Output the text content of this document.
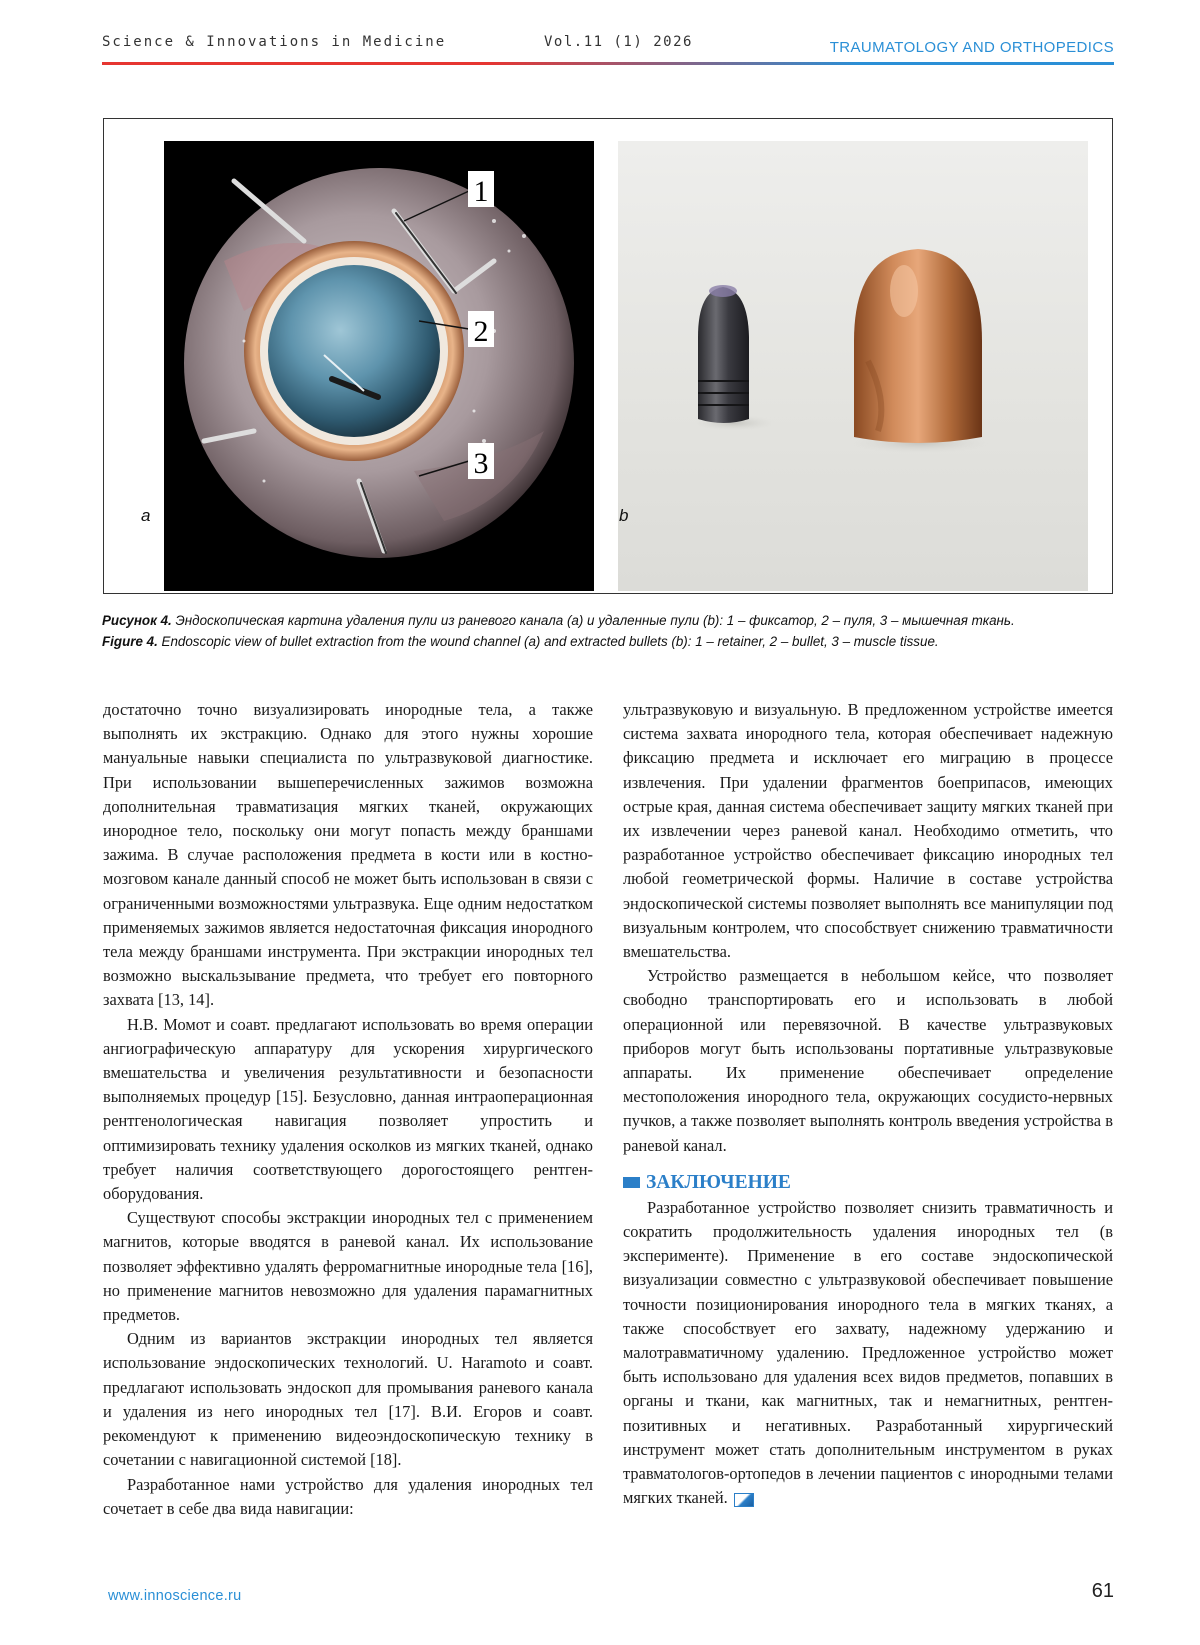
Science & Innovations in Medicine	Vol.11 (1) 2026	TRAUMATOLOGY AND ORTHOPEDICS
1
2
3
a	b

Рисунок 4. Эндоскопическая картина удаления пули из раневого канала (a) и удаленные пули (b): 1 – фиксатор, 2 – пуля, 3 – мышечная ткань.

Figure 4. Endoscopic view of bullet extraction from the wound channel (a) and extracted bullets (b): 1 – retainer, 2 – bullet, 3 – muscle tissue.

достаточно точно визуализировать инородные тела, а также выполнять их экстракцию. Однако для этого нужны хорошие мануальные навыки специалиста по ультразвуковой диагностике. При использовании вышеперечисленных зажимов возможна дополнительная травматизация мягких тканей, окружающих инородное тело, поскольку они могут попасть между браншами зажима. В случае расположения предмета в кости или в костно-мозговом канале данный способ не может быть использован в связи с ограниченными возможностями ультразвука. Еще одним недостатком применяемых зажимов является недостаточная фиксация инородного тела между браншами инструмента. При экстракции инородных тел возможно выскальзывание предмета, что требует его повторного захвата [13, 14].

Н.В. Момот и соавт. предлагают использовать во время операции ангиографическую аппаратуру для ускорения хирургического вмешательства и увеличения результативности и безопасности выполняемых процедур [15]. Безусловно, данная интраоперационная рентгенологическая навигация позволяет упростить и оптимизировать технику удаления осколков из мягких тканей, однако требует наличия соответствующего дорогостоящего рентген-оборудования.

Существуют способы экстракции инородных тел с применением магнитов, которые вводятся в раневой канал. Их использование позволяет эффективно удалять ферромагнитные инородные тела [16], но применение магнитов невозможно для удаления парамагнитных предметов.

Одним из вариантов экстракции инородных тел является использование эндоскопических технологий. U. Haramoto и соавт. предлагают использовать эндоскоп для промывания раневого канала и удаления из него инородных тел [17]. В.И. Егоров и соавт. рекомендуют к применению видеоэндоскопическую технику в сочетании с навигационной системой [18].

Разработанное нами устройство для удаления инородных тел сочетает в себе два вида навигации:

ультразвуковую и визуальную. В предложенном устройстве имеется система захвата инородного тела, которая обеспечивает надежную фиксацию предмета и исключает его миграцию в процессе извлечения. При удалении фрагментов боеприпасов, имеющих острые края, данная система обеспечивает защиту мягких тканей при их извлечении через раневой канал. Необходимо отметить, что разработанное устройство обеспечивает фиксацию инородных тел любой геометрической формы. Наличие в составе устройства эндоскопической системы позволяет выполнять все манипуляции под визуальным контролем, что способствует снижению травматичности вмешательства.

Устройство размещается в небольшом кейсе, что позволяет свободно транспортировать его и использовать в любой операционной или перевязочной. В качестве ультразвуковых приборов могут быть использованы портативные ультразвуковые аппараты. Их применение обеспечивает определение местоположения инородного тела, окружающих сосудисто-нервных пучков, а также позволяет выполнять контроль введения устройства в раневой канал.

ЗАКЛЮЧЕНИЕ

Разработанное устройство позволяет снизить травматичность и сократить продолжительность удаления инородных тел (в эксперименте). Применение в его составе эндоскопической визуализации совместно с ультразвуковой обеспечивает повышение точности позиционирования инородного тела в мягких тканях, а также способствует его захвату, надежному удержанию и малотравматичному удалению. Предложенное устройство может быть использовано для удаления всех видов предметов, попавших в органы и ткани, как магнитных, так и немагнитных, рентген-позитивных и негативных. Разработанный хирургический инструмент может стать дополнительным инструментом в руках травматологов-ортопедов в лечении пациентов с инородными телами мягких тканей.

www.innoscience.ru	61
